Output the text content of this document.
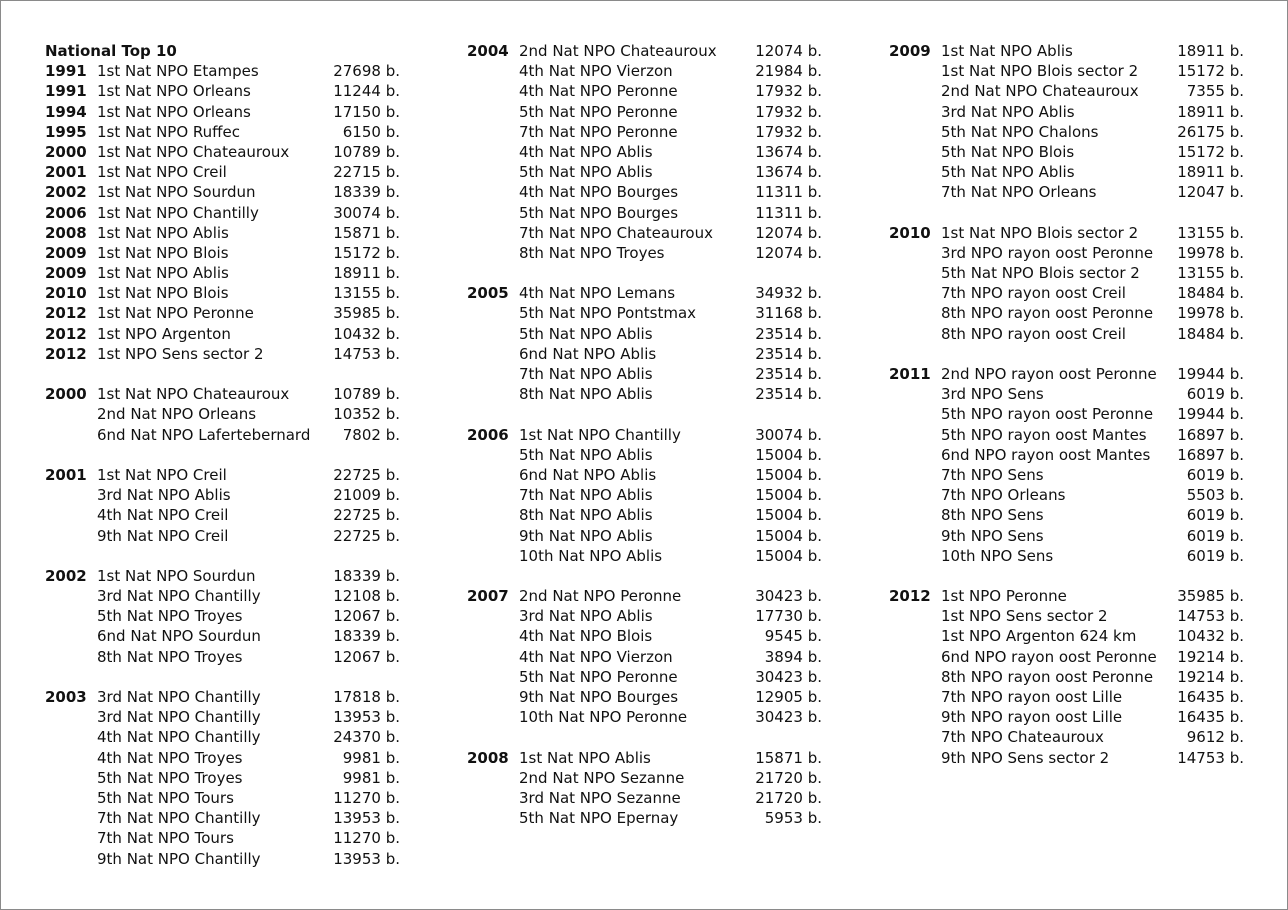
National Top 10
1991 1st Nat NPO Etampes	27698 b.
1991 1st Nat NPO Orleans	11244 b.
1994 1st Nat NPO Orleans	17150 b.
1995 1st Nat NPO Ruffec	6150 b.
2000 1st Nat NPO Chateauroux	10789 b.
2001 1st Nat NPO Creil	22715 b.
2002 1st Nat NPO Sourdun	18339 b.
2006 1st Nat NPO Chantilly	30074 b.
2008 1st Nat NPO Ablis	15871 b.
2009 1st Nat NPO Blois	15172 b.
2009 1st Nat NPO Ablis	18911 b.
2010 1st Nat NPO Blois	13155 b.
2012 1st Nat NPO Peronne	35985 b.
2012 1st NPO Argenton	10432 b.
2012 1st NPO Sens sector 2	14753 b.
2000 1st Nat NPO Chateauroux	10789 b.
2nd Nat NPO Orleans	10352 b.
6nd Nat NPO Lafertebernard	7802 b.
2001 1st Nat NPO Creil	22725 b.
3rd Nat NPO Ablis	21009 b.
4th Nat NPO Creil	22725 b.
9th Nat NPO Creil	22725 b.
2002 1st Nat NPO Sourdun	18339 b.
3rd Nat NPO Chantilly	12108 b.
5th Nat NPO Troyes	12067 b.
6nd Nat NPO Sourdun	18339 b.
8th Nat NPO Troyes	12067 b.
2003 3rd Nat NPO Chantilly	17818 b.
3rd Nat NPO Chantilly	13953 b.
4th Nat NPO Chantilly	24370 b.
4th Nat NPO Troyes	9981 b.
5th Nat NPO Troyes	9981 b.
5th Nat NPO Tours	11270 b.
7th Nat NPO Chantilly	13953 b.
7th Nat NPO Tours	11270 b.
9th Nat NPO Chantilly	13953 b.
2004 2nd Nat NPO Chateauroux	12074 b.
4th Nat NPO Vierzon	21984 b.
4th Nat NPO Peronne	17932 b.
5th Nat NPO Peronne	17932 b.
7th Nat NPO Peronne	17932 b.
4th Nat NPO Ablis	13674 b.
5th Nat NPO Ablis	13674 b.
4th Nat NPO Bourges	11311 b.
5th Nat NPO Bourges	11311 b.
7th Nat NPO Chateauroux	12074 b.
8th Nat NPO Troyes	12074 b.
2005 4th Nat NPO Lemans	34932 b.
5th Nat NPO Pontstmax	31168 b.
5th Nat NPO Ablis	23514 b.
6nd Nat NPO Ablis	23514 b.
7th Nat NPO Ablis	23514 b.
8th Nat NPO Ablis	23514 b.
2006 1st Nat NPO Chantilly	30074 b.
5th Nat NPO Ablis	15004 b.
6nd Nat NPO Ablis	15004 b.
7th Nat NPO Ablis	15004 b.
8th Nat NPO Ablis	15004 b.
9th Nat NPO Ablis	15004 b.
10th Nat NPO Ablis	15004 b.
2007 2nd Nat NPO Peronne	30423 b.
3rd Nat NPO Ablis	17730 b.
4th Nat NPO Blois	9545 b.
4th Nat NPO Vierzon	3894 b.
5th Nat NPO Peronne	30423 b.
9th Nat NPO Bourges	12905 b.
10th Nat NPO Peronne	30423 b.
2008 1st Nat NPO Ablis	15871 b.
2nd Nat NPO Sezanne	21720 b.
3rd Nat NPO Sezanne	21720 b.
5th Nat NPO Epernay	5953 b.
2009 1st Nat NPO Ablis	18911 b.
1st Nat NPO Blois sector 2	15172 b.
2nd Nat NPO Chateauroux	7355 b.
3rd Nat NPO Ablis	18911 b.
5th Nat NPO Chalons	26175 b.
5th Nat NPO Blois	15172 b.
5th Nat NPO Ablis	18911 b.
7th Nat NPO Orleans	12047 b.
2010 1st Nat NPO Blois sector 2	13155 b.
3rd NPO rayon oost Peronne	19978 b.
5th Nat NPO Blois sector 2	13155 b.
7th NPO rayon oost Creil	18484 b.
8th NPO rayon oost Peronne	19978 b.
8th NPO rayon oost Creil	18484 b.
2011 2nd NPO rayon oost Peronne	19944 b.
3rd NPO Sens	6019 b.
5th NPO rayon oost Peronne	19944 b.
5th NPO rayon oost Mantes	16897 b.
6nd NPO rayon oost Mantes	16897 b.
7th NPO Sens	6019 b.
7th NPO Orleans	5503 b.
8th NPO Sens	6019 b.
9th NPO Sens	6019 b.
10th NPO Sens	6019 b.
2012 1st NPO Peronne	35985 b.
1st NPO Sens sector 2	14753 b.
1st NPO Argenton 624 km	10432 b.
6nd NPO rayon oost Peronne	19214 b.
8th NPO rayon oost Peronne	19214 b.
7th NPO rayon oost Lille	16435 b.
9th NPO rayon oost Lille	16435 b.
7th NPO Chateauroux	9612 b.
9th NPO Sens sector 2	14753 b.
